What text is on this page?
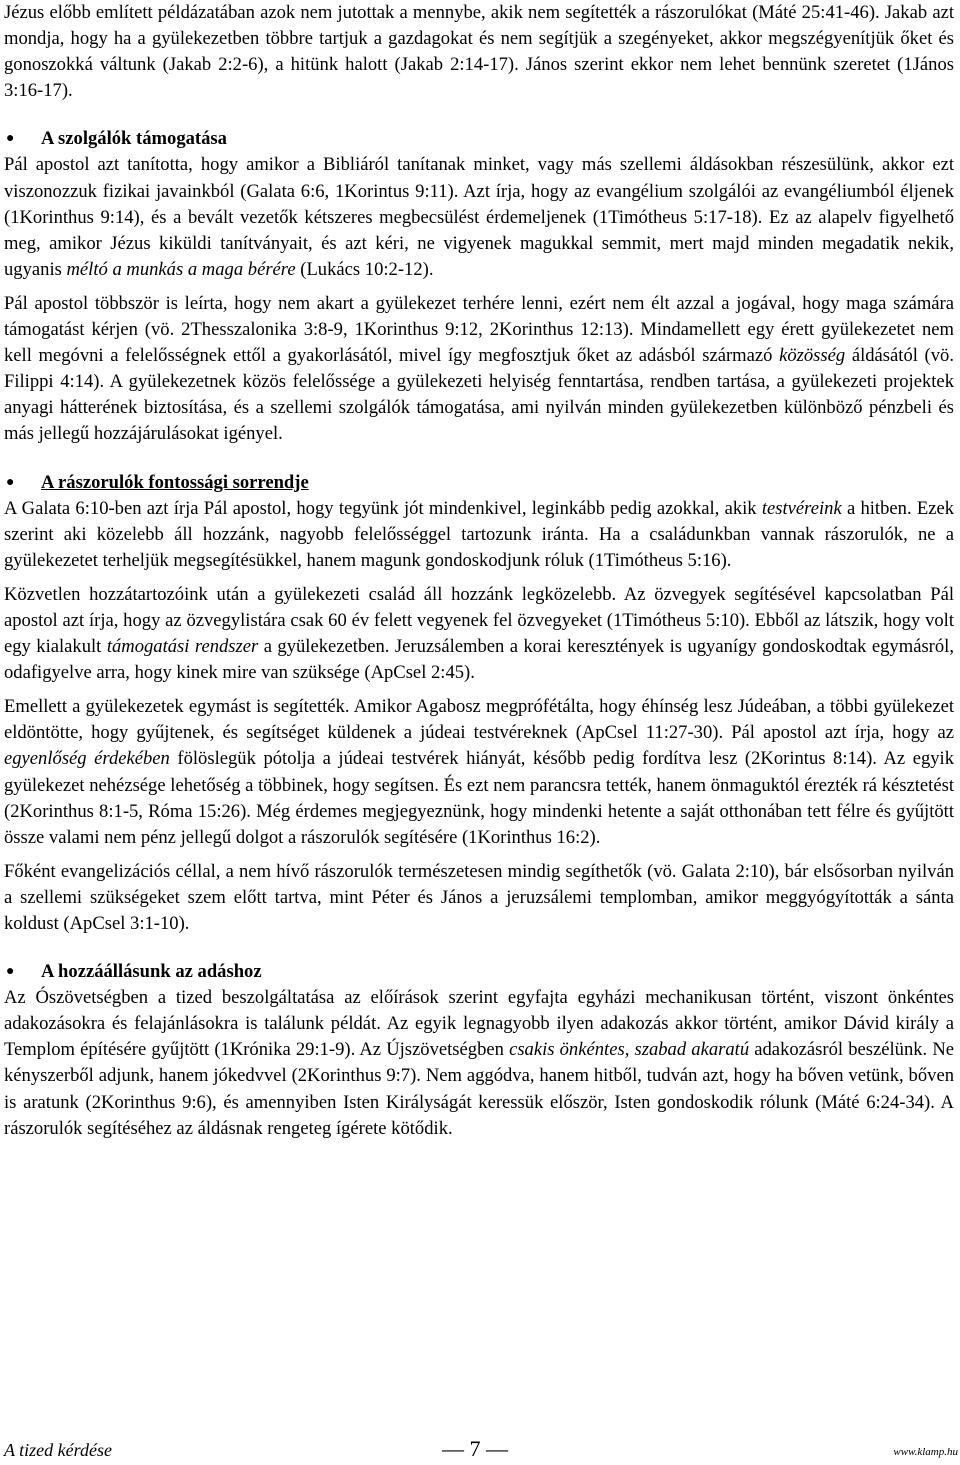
Jézus előbb említett példázatában azok nem jutottak a mennybe, akik nem segítették a rászorulókat (Máté 25:41-46). Jakab azt mondja, hogy ha a gyülekezetben többre tartjuk a gazdagokat és nem segítjük a szegényeket, akkor megszégyenítjük őket és gonoszokká váltunk (Jakab 2:2-6), a hitünk halott (Jakab 2:14-17). János szerint ekkor nem lehet bennünk szeretet (1János 3:16-17).

● A szolgálók támogatása

Pál apostol azt tanította, hogy amikor a Bibliáról tanítanak minket, vagy más szellemi áldásokban részesülünk, akkor ezt viszonozzuk fizikai javainkból (Galata 6:6, 1Korintus 9:11). Azt írja, hogy az evangélium szolgálói az evangéliumból éljenek (1Korinthus 9:14), és a bevált vezetők kétszeres megbecsülést érdemeljenek (1Timótheus 5:17-18). Ez az alapelv figyelhető meg, amikor Jézus kiküldi tanítványait, és azt kéri, ne vigyenek magukkal semmit, mert majd minden megadatik nekik, ugyanis méltó a munkás a maga bérére (Lukács 10:2-12).

Pál apostol többször is leírta, hogy nem akart a gyülekezet terhére lenni, ezért nem élt azzal a jogával, hogy maga számára támogatást kérjen (vö. 2Thesszalonika 3:8-9, 1Korinthus 9:12, 2Korinthus 12:13). Mindamellett egy érett gyülekezetet nem kell megóvni a felelősségnek ettől a gyakorlásától, mivel így megfosztjuk őket az adásból származó közösség áldásától (vö. Filippi 4:14). A gyülekezetnek közös felelőssége a gyülekezeti helyiség fenntartása, rendben tartása, a gyülekezeti projektek anyagi hátterének biztosítása, és a szellemi szolgálók támogatása, ami nyilván minden gyülekezetben különböző pénzbeli és más jellegű hozzájárulásokat igényel.

● A rászorulók fontossági sorrendje

A Galata 6:10-ben azt írja Pál apostol, hogy tegyünk jót mindenkivel, leginkább pedig azokkal, akik testvéreink a hitben. Ezek szerint aki közelebb áll hozzánk, nagyobb felelősséggel tartozunk iránta. Ha a családunkban vannak rászorulók, ne a gyülekezetet terheljük megsegítésükkel, hanem magunk gondoskodjunk róluk (1Timótheus 5:16).

Közvetlen hozzátartozóink után a gyülekezeti család áll hozzánk legközelebb. Az özvegyek segítésével kapcsolatban Pál apostol azt írja, hogy az özvegylistára csak 60 év felett vegyenek fel özvegyeket (1Timótheus 5:10). Ebből az látszik, hogy volt egy kialakult támogatási rendszer a gyülekezetben. Jeruzsálemben a korai keresztények is ugyanígy gondoskodtak egymásról, odafigyelve arra, hogy kinek mire van szüksége (ApCsel 2:45).

Emellett a gyülekezetek egymást is segítették. Amikor Agabosz megprófétálta, hogy éhínség lesz Júdeában, a többi gyülekezet eldöntötte, hogy gyűjtenek, és segítséget küldenek a júdeai testvéreknek (ApCsel 11:27-30). Pál apostol azt írja, hogy az egyenlőség érdekében fölöslegük pótolja a júdeai testvérek hiányát, később pedig fordítva lesz (2Korintus 8:14). Az egyik gyülekezet nehézsége lehetőség a többinek, hogy segítsen. És ezt nem parancsra tették, hanem önmaguktól érezték rá késztetést (2Korinthus 8:1-5, Róma 15:26). Még érdemes megjegyeznünk, hogy mindenki hetente a saját otthonában tett félre és gyűjtött össze valami nem pénz jellegű dolgot a rászorulók segítésére (1Korinthus 16:2).

Főként evangelizációs céllal, a nem hívő rászorulók természetesen mindig segíthetők (vö. Galata 2:10), bár elsősorban nyilván a szellemi szükségeket szem előtt tartva, mint Péter és János a jeruzsálemi templomban, amikor meggyógyították a sánta koldust (ApCsel 3:1-10).

● A hozzáállásunk az adáshoz

Az Ószövetségben a tized beszolgáltatása az előírások szerint egyfajta egyházi mechanikusan történt, viszont önkéntes adakozásokra és felajánlásokra is találunk példát. Az egyik legnagyobb ilyen adakozás akkor történt, amikor Dávid király a Templom építésére gyűjtött (1Krónika 29:1-9). Az Újszövetségben csakis önkéntes, szabad akaratú adakozásról beszélünk. Ne kényszerből adjunk, hanem jókedvvel (2Korinthus 9:7). Nem aggódva, hanem hitből, tudván azt, hogy ha bőven vetünk, bőven is aratunk (2Korinthus 9:6), és amennyiben Isten Királyságát keressük először, Isten gondoskodik rólunk (Máté 6:24-34). A rászorulók segítéséhez az áldásnak rengeteg ígérete kötődik.

A tized kérdése	— 7 —	www.klamp.hu
